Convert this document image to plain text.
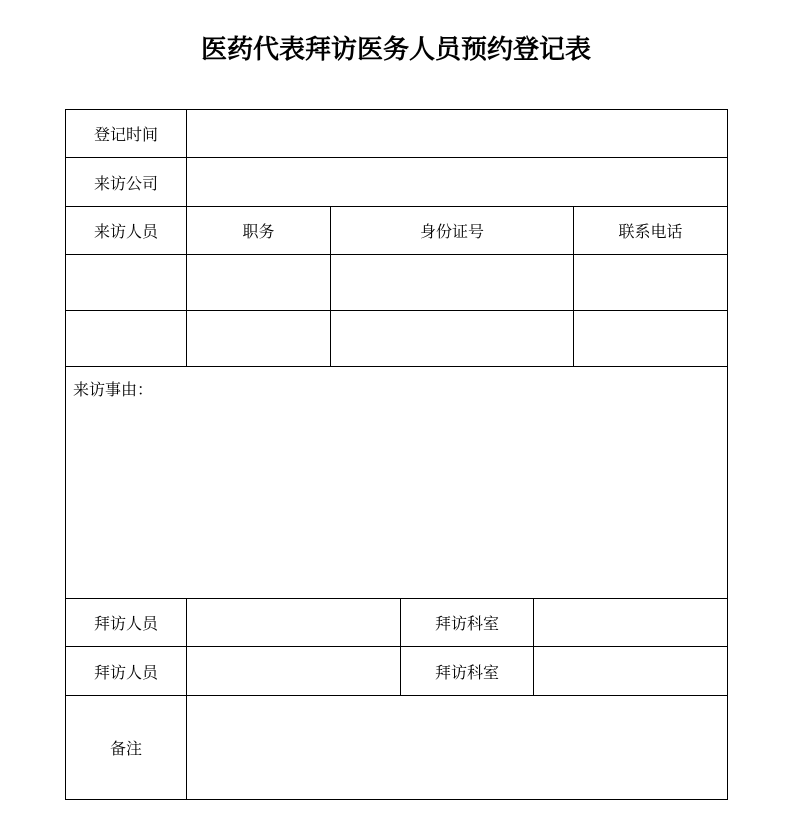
医药代表拜访医务人员预约登记表
登记时间
来访公司
来访人员	职务	身份证号	联系电话
来访事由：
拜访人员	拜访科室
拜访人员	拜访科室
备注
